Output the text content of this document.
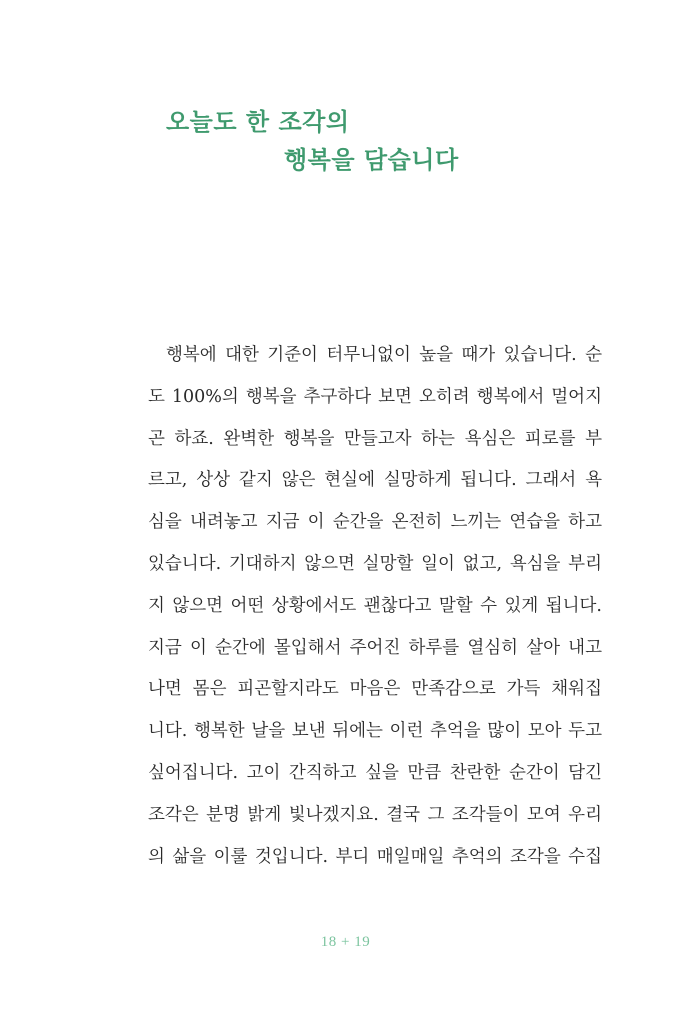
오늘도 한 조각의
행복을 담습니다
행복에 대한 기준이 터무니없이 높을 때가 있습니다. 순
도 100%의 행복을 추구하다 보면 오히려 행복에서 멀어지
곤 하죠. 완벽한 행복을 만들고자 하는 욕심은 피로를 부
르고, 상상 같지 않은 현실에 실망하게 됩니다. 그래서 욕
심을 내려놓고 지금 이 순간을 온전히 느끼는 연습을 하고
있습니다. 기대하지 않으면 실망할 일이 없고, 욕심을 부리
지 않으면 어떤 상황에서도 괜찮다고 말할 수 있게 됩니다.
지금 이 순간에 몰입해서 주어진 하루를 열심히 살아 내고
나면 몸은 피곤할지라도 마음은 만족감으로 가득 채워집
니다. 행복한 날을 보낸 뒤에는 이런 추억을 많이 모아 두고
싶어집니다. 고이 간직하고 싶을 만큼 찬란한 순간이 담긴
조각은 분명 밝게 빛나겠지요. 결국 그 조각들이 모여 우리
의 삶을 이룰 것입니다. 부디 매일매일 추억의 조각을 수집
18 + 19
